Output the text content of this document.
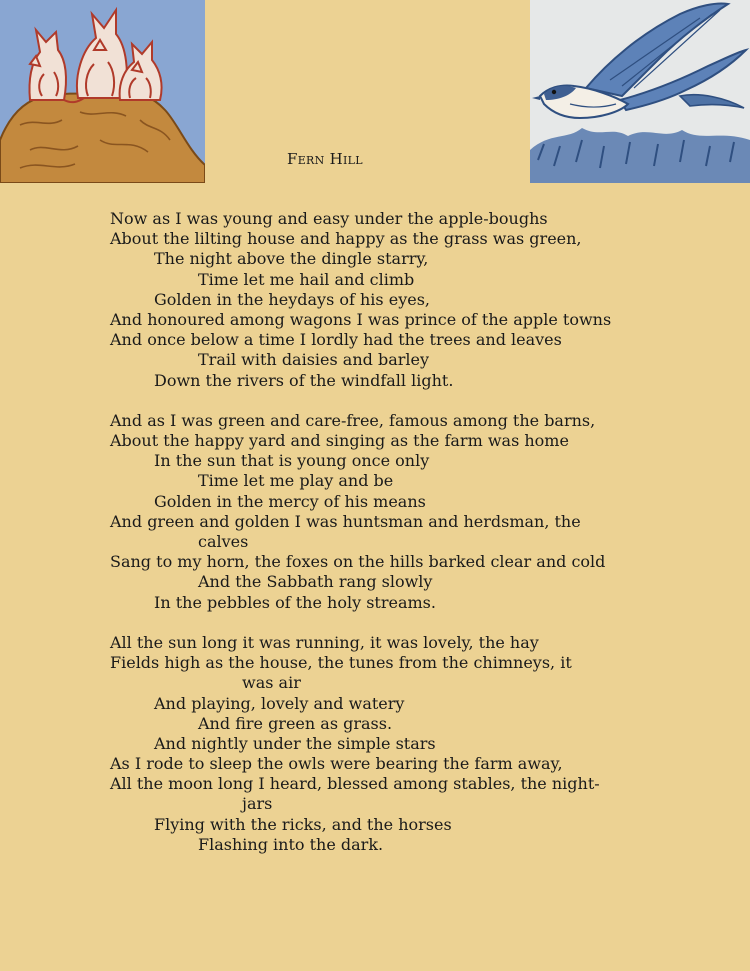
Fern Hill
Now as I was young and easy under the apple-boughs
About the lilting house and happy as the grass was green,
The night above the dingle starry,
Time let me hail and climb
Golden in the heydays of his eyes,
And honoured among wagons I was prince of the apple towns
And once below a time I lordly had the trees and leaves
Trail with daisies and barley
Down the rivers of the windfall light.
And as I was green and care-free, famous among the barns,
About the happy yard and singing as the farm was home
In the sun that is young once only
Time let me play and be
Golden in the mercy of his means
And green and golden I was huntsman and herdsman, the
calves
Sang to my horn, the foxes on the hills barked clear and cold
And the Sabbath rang slowly
In the pebbles of the holy streams.
All the sun long it was running, it was lovely, the hay
Fields high as the house, the tunes from the chimneys, it
was air
And playing, lovely and watery
And fire green as grass.
And nightly under the simple stars
As I rode to sleep the owls were bearing the farm away,
All the moon long I heard, blessed among stables, the night-
jars
Flying with the ricks, and the horses
Flashing into the dark.
